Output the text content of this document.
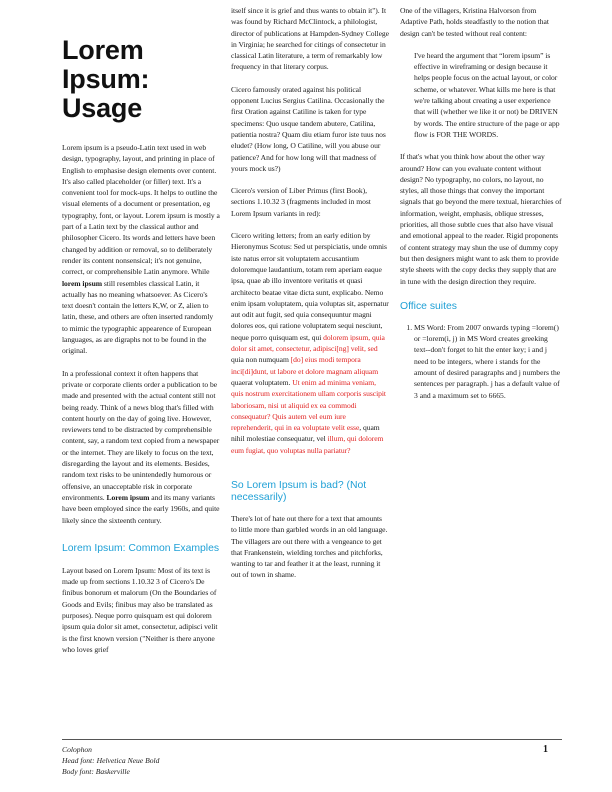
Lorem Ipsum: Usage

Lorem ipsum is a pseudo-Latin text used in web design, typography, layout, and printing in place of English to emphasise design elements over content. It's also called placeholder (or filler) text. It's a convenient tool for mock-ups. It helps to outline the visual elements of a document or presentation, eg typography, font, or layout. Lorem ipsum is mostly a part of a Latin text by the classical author and philosopher Cicero. Its words and letters have been changed by addition or removal, so to deliberately render its content nonsensical; it's not genuine, correct, or comprehensible Latin anymore. While lorem ipsum still resembles classical Latin, it actually has no meaning whatsoever. As Cicero's text doesn't contain the letters K,W, or Z, alien to latin, these, and others are often inserted randomly to mimic the typographic appearence of European languages, as are digraphs not to be found in the original.

In a professional context it often happens that private or corporate clients order a publication to be made and presented with the actual content still not being ready. Think of a news blog that's filled with content hourly on the day of going live. However, reviewers tend to be distracted by comprehensible content, say, a random text copied from a newspaper or the internet. They are likely to focus on the text, disregarding the layout and its elements. Besides, random text risks to be unintendedly humorous or offensive, an unacceptable risk in corporate environments. Lorem ipsum and its many variants have been employed since the early 1960s, and quite likely since the sixteenth century.

Lorem Ipsum: Common Examples

Layout based on Lorem Ipsum: Most of its text is made up from sections 1.10.32 3 of Cicero's De finibus bonorum et malorum (On the Boundaries of Goods and Evils; finibus may also be translated as purposes). Neque porro quisquam est qui dolorem ipsum quia dolor sit amet, consectetur, adipisci velit is the first known version ("Neither is there anyone who loves grief

itself since it is grief and thus wants to obtain it"). It was found by Richard McClintock, a philologist, director of publications at Hampden-Sydney College in Virginia; he searched for citings of consectetur in classical Latin literature, a term of remarkably low frequency in that literary corpus.

Cicero famously orated against his political opponent Lucius Sergius Catilina. Occasionally the first Oration against Catiline is taken for type specimens: Quo usque tandem abutere, Catilina, patientia nostra? Quam diu etiam furor iste tuus nos eludet? (How long, O Catiline, will you abuse our patience? And for how long will that madness of yours mock us?)

Cicero's version of Liber Primus (first Book), sections 1.10.32 3 (fragments included in most Lorem Ipsum variants in red):

Cicero writing letters; from an early edition by Hieronymus Scotus: Sed ut perspiciatis, unde omnis iste natus error sit voluptatem accusantium doloremque laudantium, totam rem aperiam eaque ipsa, quae ab illo inventore veritatis et quasi architecto beatae vitae dicta sunt, explicabo. Nemo enim ipsam voluptatem, quia voluptas sit, aspernatur aut odit aut fugit, sed quia consequuntur magni dolores eos, qui ratione voluptatem sequi nesciunt, neque porro quisquam est, qui dolorem ipsum, quia dolor sit amet, consectetur, adipisci[ng] velit, sed quia non numquam [do] eius modi tempora inci[di]dunt, ut labore et dolore magnam aliquam quaerat voluptatem. Ut enim ad minima veniam, quis nostrum exercitationem ullam corporis suscipit laboriosam, nisi ut aliquid ex ea commodi consequatur? Quis autem vel eum iure reprehenderit, qui in ea voluptate velit esse, quam nihil molestiae consequatur, vel illum, qui dolorem eum fugiat, quo voluptas nulla pariatur?

So Lorem Ipsum is bad? (Not necessarily)

There's lot of hate out there for a text that amounts to little more than garbled words in an old language. The villagers are out there with a vengeance to get that Frankenstein, wielding torches and pitchforks, wanting to tar and feather it at the least, running it out of town in shame.

One of the villagers, Kristina Halvorson from Adaptive Path, holds steadfastly to the notion that design can't be tested without real content:

I've heard the argument that “lorem ipsum” is effective in wireframing or design because it helps people focus on the actual layout, or color scheme, or whatever. What kills me here is that we're talking about creating a user experience that will (whether we like it or not) be DRIVEN by words. The entire structure of the page or app flow is FOR THE WORDS.

If that's what you think how about the other way around? How can you evaluate content without design? No typography, no colors, no layout, no styles, all those things that convey the important signals that go beyond the mere textual, hierarchies of information, weight, emphasis, oblique stresses, priorities, all those subtle cues that also have visual and emotional appeal to the reader. Rigid proponents of content strategy may shun the use of dummy copy but then designers might want to ask them to provide style sheets with the copy decks they supply that are in tune with the design direction they require.

Office suites
1. MS Word: From 2007 onwards typing =lorem() or =lorem(i, j) in MS Word creates greeking text--don't forget to hit the enter key; i and j need to be integers, where i stands for the amount of desired paragraphs and j numbers the sentences per paragraph. j has a default value of 3 and a maximum set to 6665.
Colophon
Head font: Helvetica Neue Bold
Body font: Baskerville
1
